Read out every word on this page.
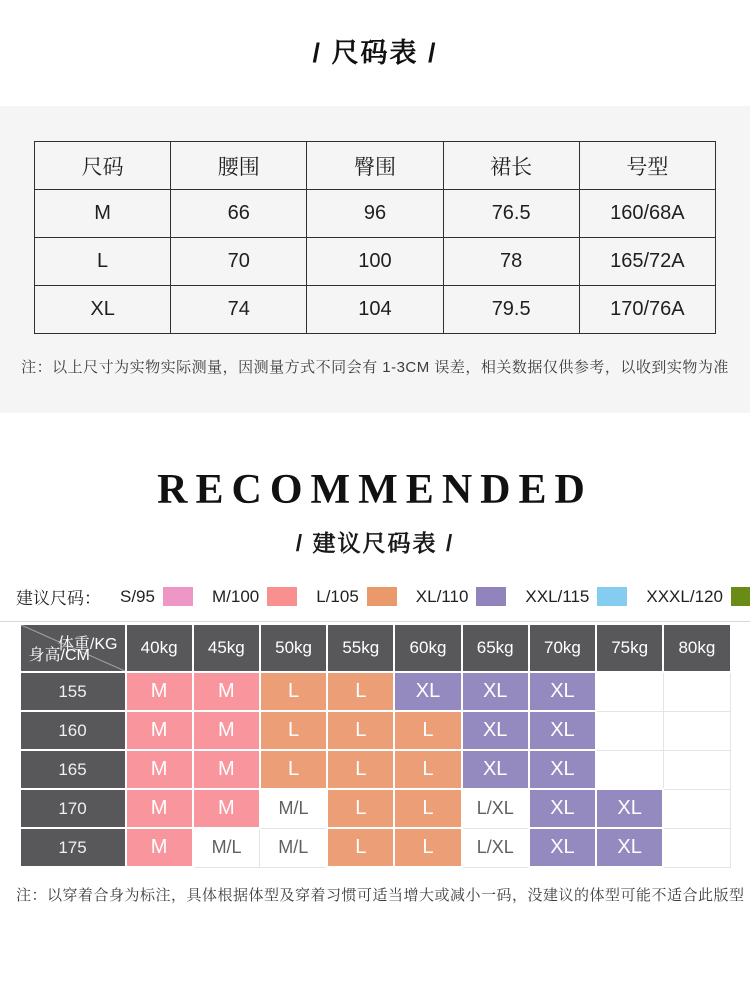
/ 尺码表 /
尺码	腰围	臀围	裙长	号型
M	66	96	76.5	160/68A
L	70	100	78	165/72A
XL	74	104	79.5	170/76A

注：以上尺寸为实物实际测量，因测量方式不同会有 1-3CM 误差，相关数据仅供参考，以收到实物为准

RECOMMENDED
/ 建议尺码表 /
建议尺码： S/95	M/100	L/105	XL/110	XXL/115	XXXL/120
体重/KG
身高/CM	40kg	45kg	50kg	55kg	60kg	65kg	70kg	75kg	80kg
155	M	M	L	L	XL	XL	XL		
160	M	M	L	L	L	XL	XL		
165	M	M	L	L	L	XL	XL		
170	M	M	M/L	L	L	L/XL	XL	XL	
175	M	M/L	M/L	L	L	L/XL	XL	XL	

注：以穿着合身为标注，具体根据体型及穿着习惯可适当增大或减小一码，没建议的体型可能不适合此版型
